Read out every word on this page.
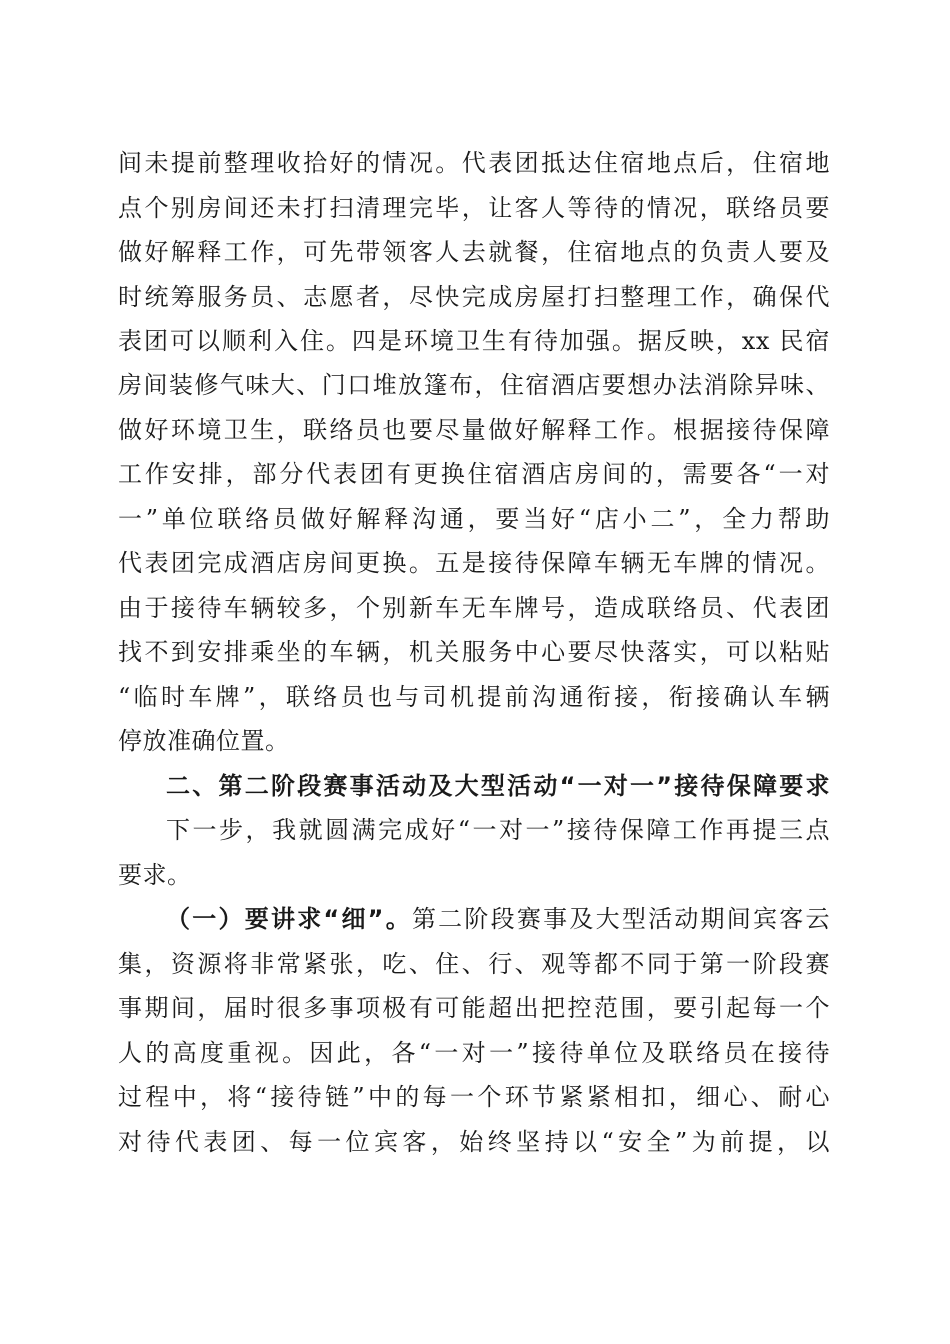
间未提前整理收拾好的情况。代表团抵达住宿地点后，住宿地
点个别房间还未打扫清理完毕，让客人等待的情况，联络员要
做好解释工作，可先带领客人去就餐，住宿地点的负责人要及
时统筹服务员、志愿者，尽快完成房屋打扫整理工作，确保代
表团可以顺利入住。四是环境卫生有待加强。据反映，xx 民宿
房间装修气味大、门口堆放篷布，住宿酒店要想办法消除异味、
做好环境卫生，联络员也要尽量做好解释工作。根据接待保障
工作安排，部分代表团有更换住宿酒店房间的，需要各“一对
一”单位联络员做好解释沟通，要当好“店小二”，全力帮助
代表团完成酒店房间更换。五是接待保障车辆无车牌的情况。
由于接待车辆较多，个别新车无车牌号，造成联络员、代表团
找不到安排乘坐的车辆，机关服务中心要尽快落实，可以粘贴
“临时车牌”，联络员也与司机提前沟通衔接，衔接确认车辆
停放准确位置。
二、第二阶段赛事活动及大型活动“一对一”接待保障要求
下一步，我就圆满完成好“一对一”接待保障工作再提三点
要求。
（一）要讲求“细”。第二阶段赛事及大型活动期间宾客云
集，资源将非常紧张，吃、住、行、观等都不同于第一阶段赛
事期间，届时很多事项极有可能超出把控范围，要引起每一个
人的高度重视。因此，各“一对一”接待单位及联络员在接待
过程中，将“接待链”中的每一个环节紧紧相扣，细心、耐心
对待代表团、每一位宾客，始终坚持以“安全”为前提，以
